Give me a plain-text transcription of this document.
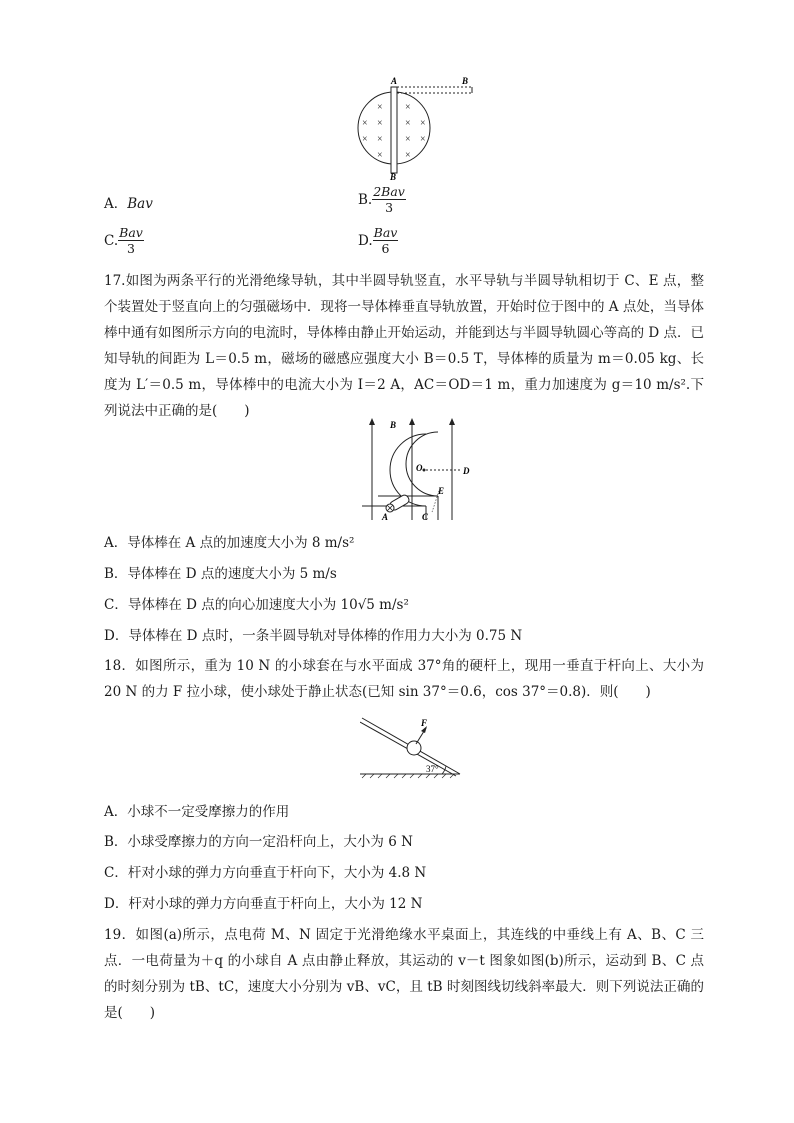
A	B
B
× ×
× × × ×
× × × ×
× ×
A．Bav	B. $\frac{\text{2Bav}}{3}$
C. $\frac{\text{Bav}}{3}$	D. $\frac{\text{Bav}}{6}$
17.如图为两条平行的光滑绝缘导轨，其中半圆导轨竖直，水平导轨与半圆导轨相切于 C、E 点，整个装置处于竖直向上的匀强磁场中．现将一导体棒垂直导轨放置，开始时位于图中的 A 点处，当导体棒中通有如图所示方向的电流时，导体棒由静止开始运动，并能到达与半圆导轨圆心等高的 D 点．已知导轨的间距为 L＝0.5 m，磁场的磁感应强度大小 B＝0.5 T，导体棒的质量为 m＝0.05 kg、长度为 L′＝0.5 m，导体棒中的电流大小为 I＝2 A，AC＝OD＝1 m，重力加速度为 g＝10 m/s².下列说法中正确的是(　　)
B
O	D
E
A	C
A．导体棒在 A 点的加速度大小为 8 m/s²
B．导体棒在 D 点的速度大小为 5 m/s
C．导体棒在 D 点的向心加速度大小为 10√5 m/s²
D．导体棒在 D 点时，一条半圆导轨对导体棒的作用力大小为 0.75 N
18．如图所示，重为 10 N 的小球套在与水平面成 37°角的硬杆上，现用一垂直于杆向上、大小为 20 N 的力 F 拉小球，使小球处于静止状态(已知 sin 37°＝0.6，cos 37°＝0.8)．则(　　)
F
37°
A．小球不一定受摩擦力的作用
B．小球受摩擦力的方向一定沿杆向上，大小为 6 N
C．杆对小球的弹力方向垂直于杆向下，大小为 4.8 N
D．杆对小球的弹力方向垂直于杆向上，大小为 12 N
19．如图(a)所示，点电荷 M、N 固定于光滑绝缘水平桌面上，其连线的中垂线上有 A、B、C 三点．一电荷量为＋q 的小球自 A 点由静止释放，其运动的 v－t 图象如图(b)所示，运动到 B、C 点的时刻分别为 tB、tC，速度大小分别为 vB、vC，且 tB 时刻图线切线斜率最大．则下列说法正确的是(　　)
